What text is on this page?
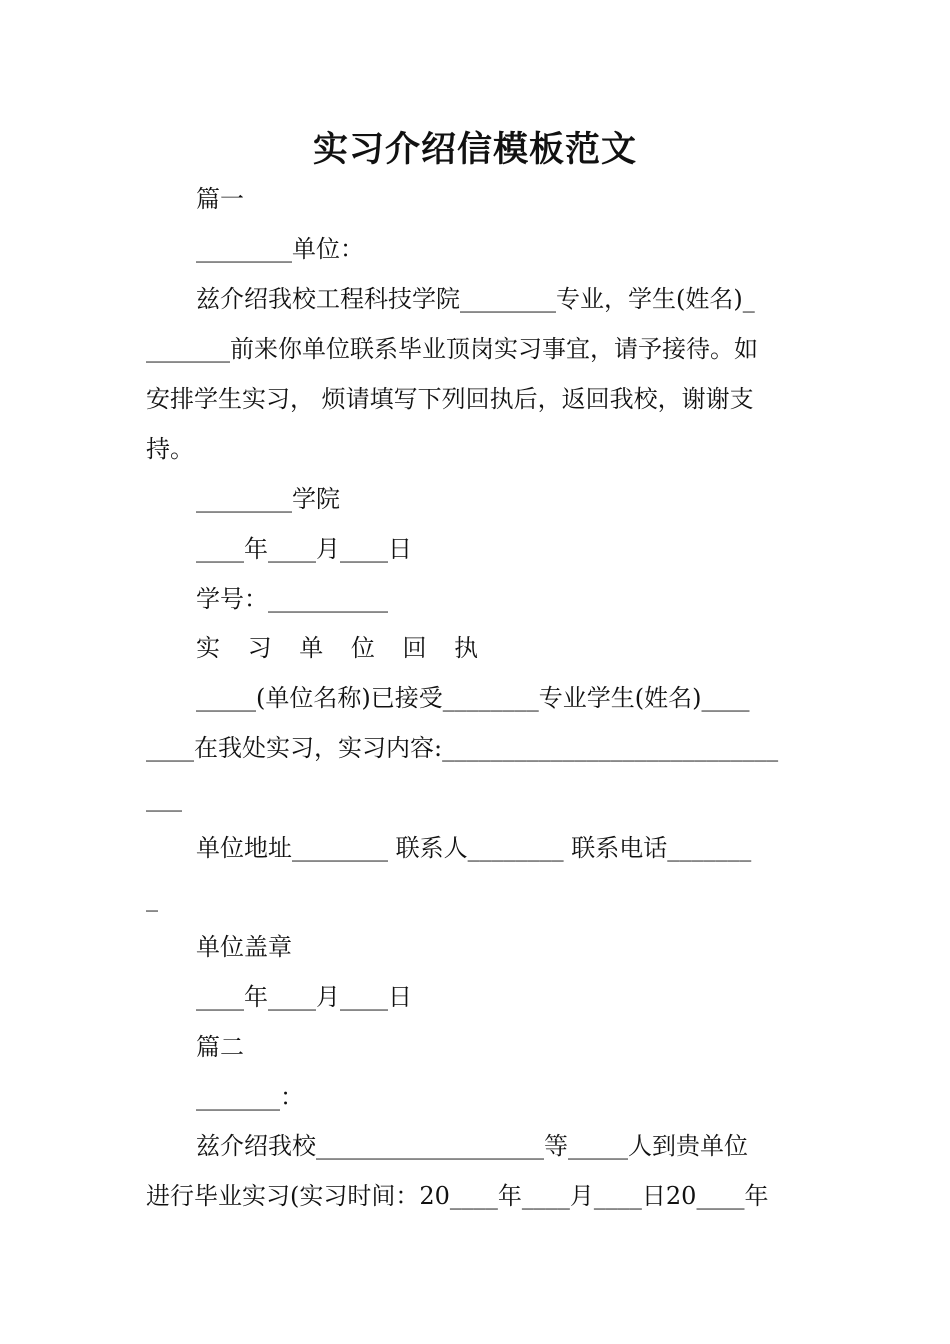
实习介绍信模板范文
篇一
________单位：
兹介绍我校工程科技学院________专业，学生(姓名)_
_______前来你单位联系毕业顶岗实习事宜，请予接待。如
安排学生实习， 烦请填写下列回执后，返回我校，谢谢支
持。
________学院
____年____月____日
学号：__________
实 习 单 位 回 执
_____(单位名称)已接受________专业学生(姓名)____
____在我处实习，实习内容:____________________________
___
单位地址________ 联系人________ 联系电话_______
_
单位盖章
____年____月____日
篇二
_______：
兹介绍我校___________________等_____人到贵单位
进行毕业实习(实习时间：20____年____月____日20____年
